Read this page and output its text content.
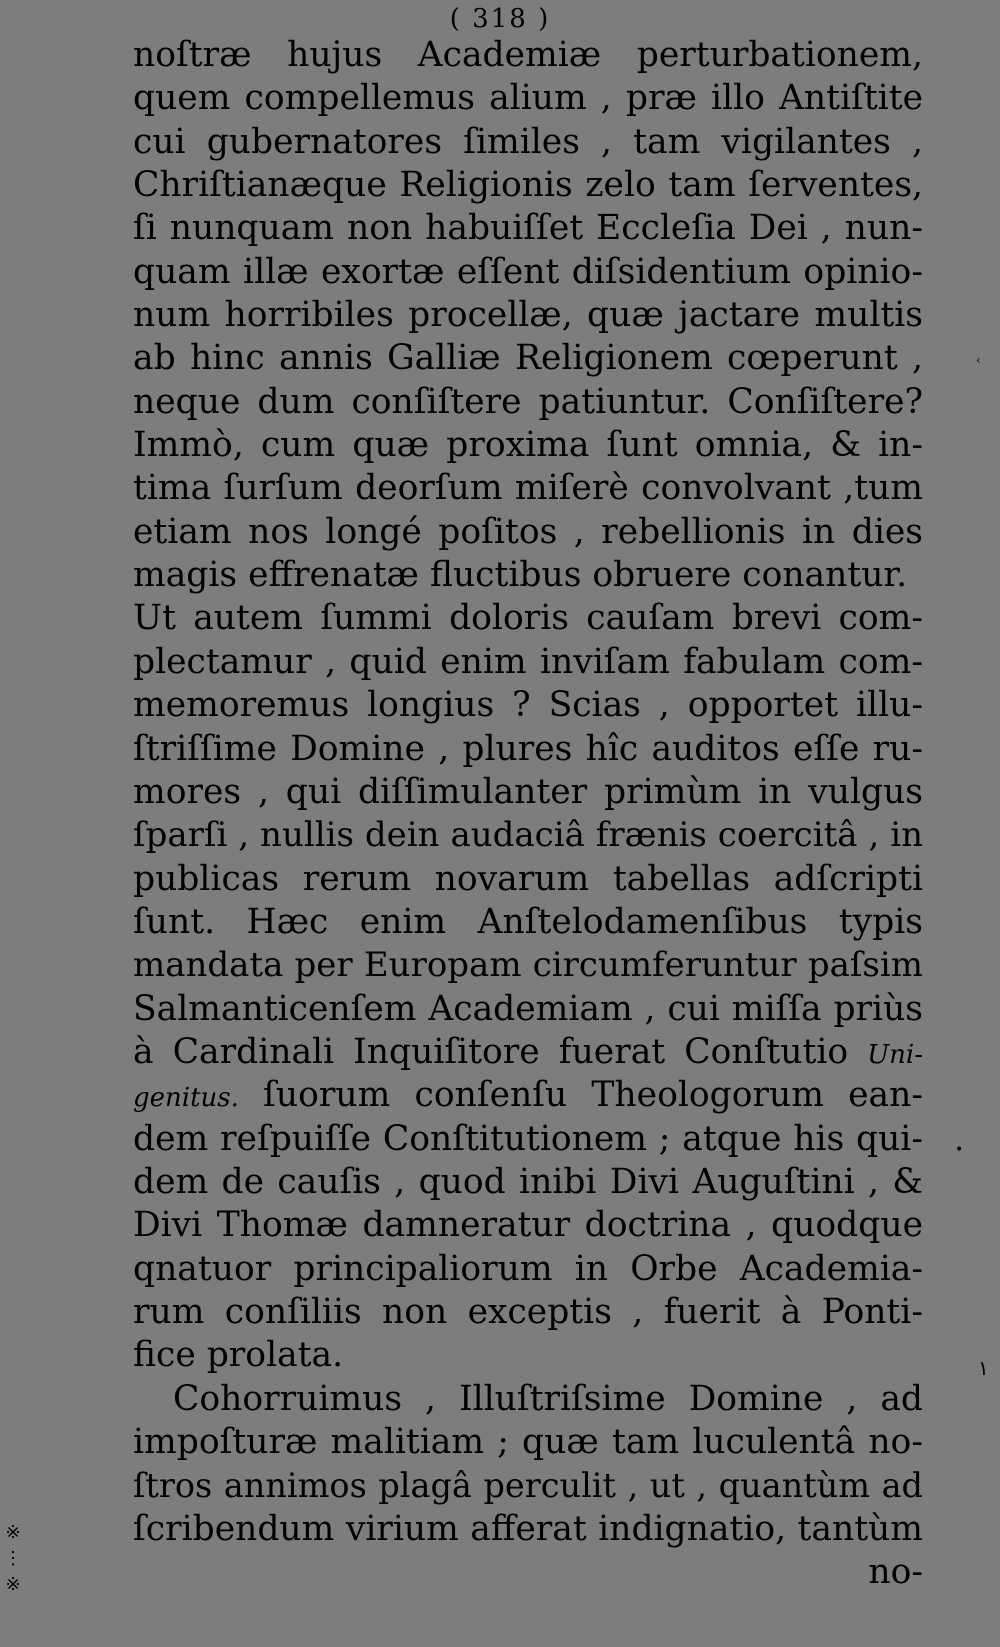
( 318 )
noſtræ hujus Academiæ perturbationem,
quem compellemus alium , præ illo Antiſtite
cui gubernatores ſimiles , tam vigilantes ,
Chriſtianæque Religionis zelo tam ſerventes,
ſi nunquam non habuiſſet Eccleſia Dei , nun-
quam illæ exortæ eſſent diſsidentium opinio-
num horribiles procellæ, quæ jactare multis
ab hinc annis Galliæ Religionem cœperunt ,
neque dum conſiſtere patiuntur. Conſiſtere?
Immò, cum quæ proxima ſunt omnia, & in-
tima ſurſum deorſum miſerè convolvant ,tum
etiam nos longé poſitos , rebellionis in dies
magis effrenatæ fluctibus obruere conantur.
Ut autem ſummi doloris cauſam brevi com-
plectamur , quid enim inviſam fabulam com-
memoremus longius ? Scias , opportet illu-
ſtriſſime Domine , plures hîc auditos eſſe ru-
mores , qui diſſimulanter primùm in vulgus
ſparſi , nullis dein audaciâ frænis coercitâ , in
publicas rerum novarum tabellas adſcripti
ſunt. Hæc enim Anſtelodamenſibus typis
mandata per Europam circumferuntur paſsim
Salmanticenſem Academiam , cui miſſa priùs
à Cardinali Inquiſitore fuerat Conſtutio Uni-
genitus. ſuorum conſenſu Theologorum ean-
dem reſpuiſſe Conſtitutionem ; atque his qui-
dem de cauſis , quod inibi Divi Auguſtini , &
Divi Thomæ damneratur doctrina , quodque
qnatuor principaliorum in Orbe Academia-
rum conſiliis non exceptis , fuerit à Ponti-
fice prolata.
Cohorruimus , Illuſtriſsime Domine , ad
impoſturæ malitiam ; quæ tam luculentâ no-
ſtros annimos plagâ perculit , ut , quantùm ad
ſcribendum virium afferat indignatio, tantùm
no-
‹
•
١
※
⋮
※
